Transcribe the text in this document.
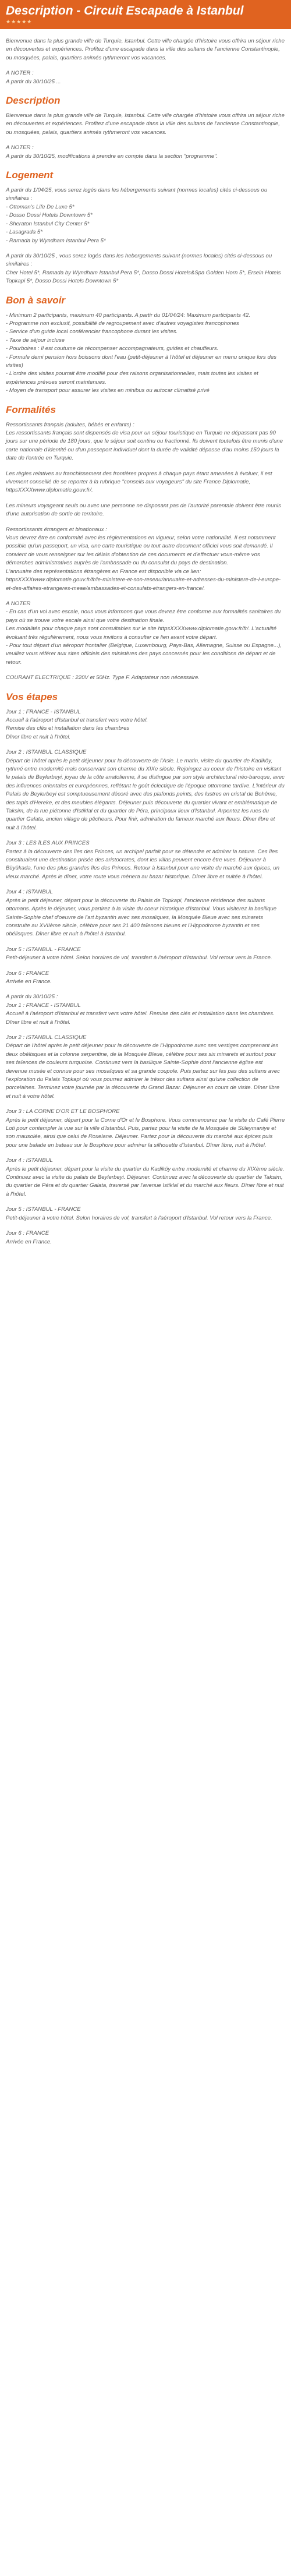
Description - Circuit Escapade à Istanbul
★★★★★

Bienvenue dans la plus grande ville de Turquie, Istanbul. Cette ville chargée d'histoire vous offrira un séjour riche en découvertes et expériences. Profitez d'une escapade dans la ville des sultans de l'ancienne Constantinople, ou mosquées, palais, quartiers animés rythmeront vos vacances.

A NOTER :
A partir du 30/10/25 ...

Description

Bienvenue dans la plus grande ville de Turquie, Istanbul. Cette ville chargée d'histoire vous offrira un séjour riche en découvertes et expériences. Profitez d'une escapade dans la ville des sultans de l'ancienne Constantinople, ou mosquées, palais, quartiers animés rythmeront vos vacances.

A NOTER :
A partir du 30/10/25, modifications à prendre en compte dans la section "programme".

Logement

A partir du 1/04/25, vous serez logés dans les hébergements suivant (normes locales) cités ci-dessous ou similaires :
- Ottoman's Life De Luxe 5*
- Dosso Dossi Hotels Downtown 5*
- Sheraton Istanbul City Center 5*
- Lasagrada 5*
- Ramada by Wyndham Istanbul Pera 5*

A partir du 30/10/25 , vous serez logés dans les hebergements suivant (normes locales) cités ci-dessous ou similaires :
Cher Hotel 5*, Ramada by Wyndham Istanbul Pera 5*, Dosso Dossi Hotels&Spa Golden Horn 5*, Ersein Hotels Topkapi 5*, Dosso Dossi Hotels Downtown 5*

Bon à savoir

- Minimum 2 participants, maximum 40 participants. A partir du 01/04/24: Maximum participants 42.
- Programme non exclusif, possibilité de regroupement avec d'autres voyagistes francophones
- Service d'un guide local conférencier francophone durant les visites.
- Taxe de séjour incluse
- Pourboires : Il est coutume de récompenser accompagnateurs, guides et chauffeurs.
- Formule demi pension hors boissons dont l'eau (petit-déjeuner à l'hôtel et déjeuner en menu unique lors des visites)
- L'ordre des visites pourrait être modifié pour des raisons organisationnelles, mais toutes les visites et expériences prévues seront maintenues.
- Moyen de transport pour assurer les visites en minibus ou autocar climatisé privé

Formalités

Ressortissants français (adultes, bébés et enfants) :
Les ressortissants français sont dispensés de visa pour un séjour touristique en Turquie ne dépassant pas 90 jours sur une période de 180 jours, que le séjour soit continu ou fractionné. Ils doivent toutefois être munis d'une carte nationale d'identité ou d'un passeport individuel dont la durée de validité dépasse d'au moins 150 jours la date de l'entrée en Turquie.

Les règles relatives au franchissement des frontières propres à chaque pays étant amenées à évoluer, il est vivement conseillé de se reporter à la rubrique "conseils aux voyageurs" du site France Diplomatie, httpsXXXXwww.diplomatie.gouv.fr/.

Les mineurs voyageant seuls ou avec une personne ne disposant pas de l'autorité parentale doivent être munis d'une autorisation de sortie de territoire.

Ressortissants étrangers et binationaux :
Vous devrez être en conformité avec les réglementations en vigueur, selon votre nationalité. Il est notamment possible qu'un passeport, un visa, une carte touristique ou tout autre document officiel vous soit demandé. Il convient de vous renseigner sur les délais d'obtention de ces documents et d'effectuer vous-même vos démarches administratives auprès de l'ambassade ou du consulat du pays de destination.
L'annuaire des représentations étrangères en France est disponible via ce lien: httpsXXXXwww.diplomatie.gouv.fr/fr/le-ministere-et-son-reseau/annuaire-et-adresses-du-ministere-de-l-europe-et-des-affaires-etrangeres-meae/ambassades-et-consulats-etrangers-en-france/.

A NOTER
- En cas d'un vol avec escale, nous vous informons que vous devrez être conforme aux formalités sanitaires du pays où se trouve votre escale ainsi que votre destination finale.
Les modalités pour chaque pays sont consultables sur le site httpsXXXXwww.diplomatie.gouv.fr/fr/. L'actualité évoluant très régulièrement, nous vous invitons à consulter ce lien avant votre départ.
- Pour tout départ d'un aéroport frontalier (Belgique, Luxembourg, Pays-Bas, Allemagne, Suisse ou Espagne...), veuillez vous référer aux sites officiels des ministères des pays concernés pour les conditions de départ et de retour.

COURANT ELECTRIQUE : 220V et 50Hz. Type F. Adaptateur non nécessaire.

Vos étapes

Jour 1 : FRANCE - ISTANBUL
Accueil à l'aéroport d'Istanbul et transfert vers votre hôtel.
Remise des clés et installation dans les chambres
Dîner libre et nuit à l'hôtel.

Jour 2 : ISTANBUL CLASSIQUE
Départ de l'hôtel après le petit déjeuner pour la découverte de l'Asie. Le matin, visite du quartier de Kadiköy, rythmé entre modernité mais conservant son charme du XIXe siècle. Rejoingez au coeur de l'histoire en visitant le palais de Beylerbeyi, joyau de la côte anatolienne, il se distingue par son style architectural néo-baroque, avec des influences orientales et européennes, reflétant le goût éclectique de l'époque ottomane tardive. L'intérieur du Palais de Beylerbeyi est somptueusement décoré avec des plafonds peints, des lustres en cristal de Bohême, des tapis d'Hereke, et des meubles élégants. Déjeuner puis découverte du quartier vivant et emblématique de Taksim, de la rue piétonne d'Istiklal et du quartier de Péra, principaux lieux d'Istanbul. Arpentez les rues du quartier Galata, ancien village de pêcheurs. Pour finir, admiration du fameux marché aux fleurs. Dîner libre et nuit à l'hôtel.

Jour 3 : LES ÎLES AUX PRINCES
Partez à la découverte des îles des Princes, un archipel parfait pour se détendre et admirer la nature. Ces îles constituaient une destination prisée des aristocrates, dont les villas peuvent encore être vues. Déjeuner à Büyükada, l'une des plus grandes îles des Princes. Retour à Istanbul pour une visite du marché aux épices, un vieux marché. Après le dîner, votre route vous mènera au bazar historique. Dîner libre et nuitée à l'hôtel.

Jour 4 : ISTANBUL
Après le petit déjeuner, départ pour la découverte du Palais de Topkapi, l'ancienne résidence des sultans ottomans. Après le déjeuner, vous partirez à la visite du coeur historique d'Istanbul. Vous visiterez la basilique Sainte-Sophie chef d'oeuvre de l'art byzantin avec ses mosaïques, la Mosquée Bleue avec ses minarets construite au XVIIème siècle, célèbre pour ses 21 400 faïences bleues et l'Hippodrome byzantin et ses obélisques. Dîner libre et nuit à l'hôtel à Istanbul.

Jour 5 : ISTANBUL - FRANCE
Petit-déjeuner à votre hôtel. Selon horaires de vol, transfert à l'aéroport d'Istanbul. Vol retour vers la France.

Jour 6 : FRANCE
Arrivée en France.

A partir du 30/10/25 :
Jour 1 : FRANCE - ISTANBUL
Accueil à l'aéroport d'Istanbul et transfert vers votre hôtel. Remise des clés et installation dans les chambres. Dîner libre et nuit à l'hôtel.

Jour 2 : ISTANBUL CLASSIQUE
Départ de l'hôtel après le petit déjeuner pour la découverte de l'Hippodrome avec ses vestiges comprenant les deux obélisques et la colonne serpentine, de la Mosquée Bleue, célèbre pour ses six minarets et surtout pour ses faïences de couleurs turquoise. Continuez vers la basilique Sainte-Sophie dont l'ancienne église est devenue musée et connue pour ses mosaïques et sa grande coupole. Puis partez sur les pas des sultans avec l'exploration du Palais Topkapi où vous pourrez admirer le trésor des sultans ainsi qu'une collection de porcelaines. Terminez votre journée par la découverte du Grand Bazar. Déjeuner en cours de visite. Dîner libre et nuit à votre hôtel.

Jour 3 : LA CORNE D'OR ET LE BOSPHORE
Après le petit déjeuner, départ pour la Corne d'Or et le Bosphore. Vous commencerez par la visite du Café Pierre Loti pour contempler la vue sur la ville d'Istanbul. Puis, partez pour la visite de la Mosquée de Süleymaniye et son mausolée, ainsi que celui de Roxelane. Déjeuner. Partez pour la découverte du marché aux épices puis pour une balade en bateau sur le Bosphore pour admirer la silhouette d'Istanbul. Dîner libre, nuit à l'hôtel.

Jour 4 : ISTANBUL
Après le petit déjeuner, départ pour la visite du quartier du Kadiköy entre modernité et charme du XIXème siècle. Continuez avec la visite du palais de Beylerbeyi. Déjeuner. Continuez avec la découverte du quartier de Taksim, du quartier de Péra et du quartier Galata, traversé par l'avenue Istiklal et du marché aux fleurs. Dîner libre et nuit à l'hôtel.

Jour 5 : ISTANBUL - FRANCE
Petit-déjeuner à votre hôtel. Selon horaires de vol, transfert à l'aéroport d'Istanbul. Vol retour vers la France.

Jour 6 : FRANCE
Arrivée en France.
